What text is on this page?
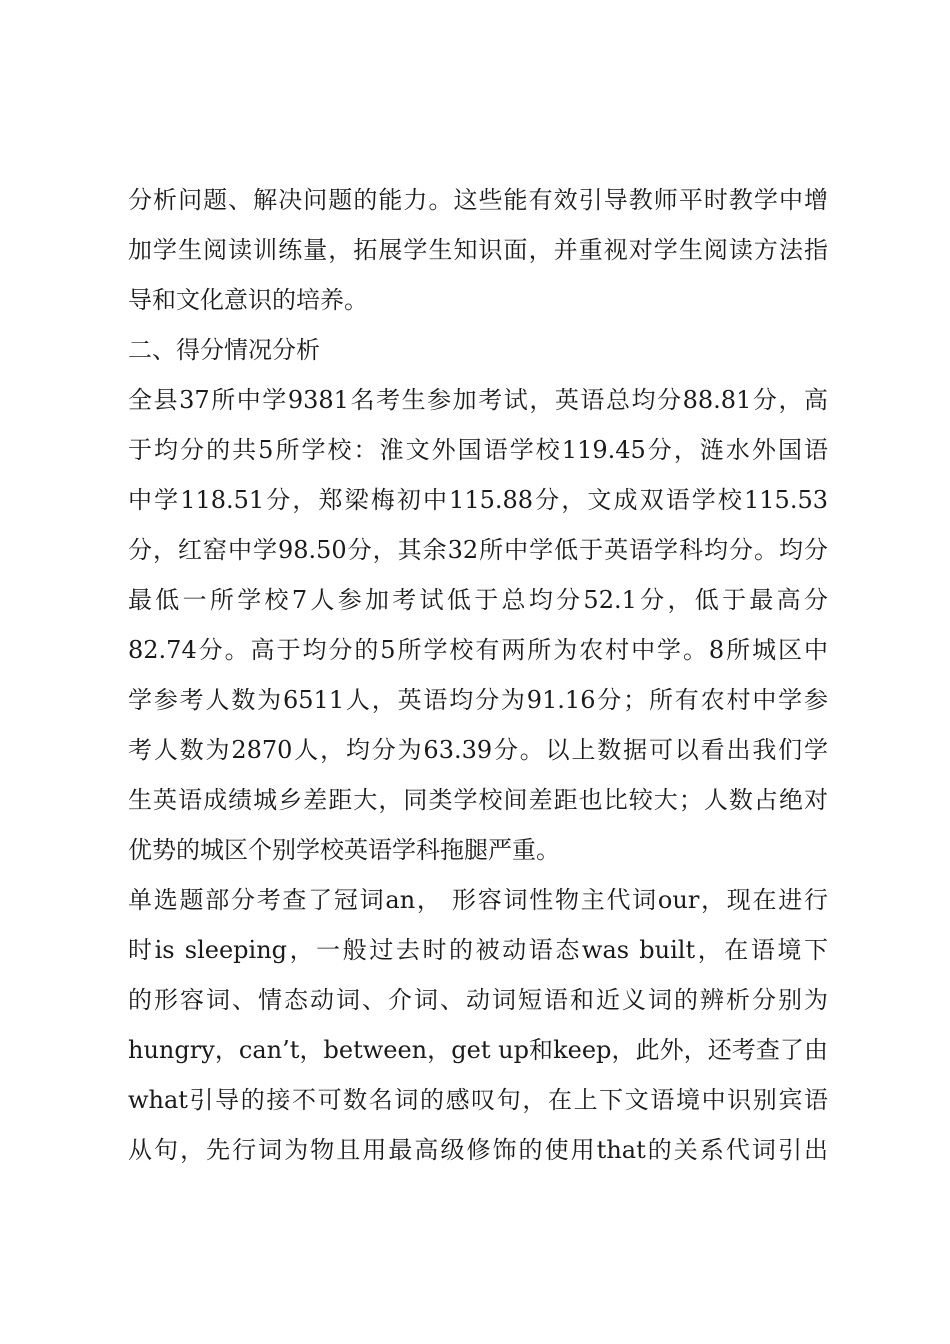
分析问题、解决问题的能力。这些能有效引导教师平时教学中增
加学生阅读训练量，拓展学生知识面，并重视对学生阅读方法指
导和文化意识的培养。
二、得分情况分析
全县37所中学9381名考生参加考试，英语总均分88.81分，高
于均分的共5所学校：淮文外国语学校119.45分，涟水外国语
中学118.51分，郑梁梅初中115.88分，文成双语学校115.53
分，红窑中学98.50分，其余32所中学低于英语学科均分。均分
最低一所学校7人参加考试低于总均分52.1分，低于最高分
82.74分。高于均分的5所学校有两所为农村中学。8所城区中
学参考人数为6511人，英语均分为91.16分；所有农村中学参
考人数为2870人，均分为63.39分。以上数据可以看出我们学
生英语成绩城乡差距大，同类学校间差距也比较大；人数占绝对
优势的城区个别学校英语学科拖腿严重。
单选题部分考查了冠词an， 形容词性物主代词our，现在进行
时is sleeping，一般过去时的被动语态was built，在语境下
的形容词、情态动词、介词、动词短语和近义词的辨析分别为
hungry，can’t，between，get up和keep，此外，还考查了由
what引导的接不可数名词的感叹句，在上下文语境中识别宾语
从句，先行词为物且用最高级修饰的使用that的关系代词引出
